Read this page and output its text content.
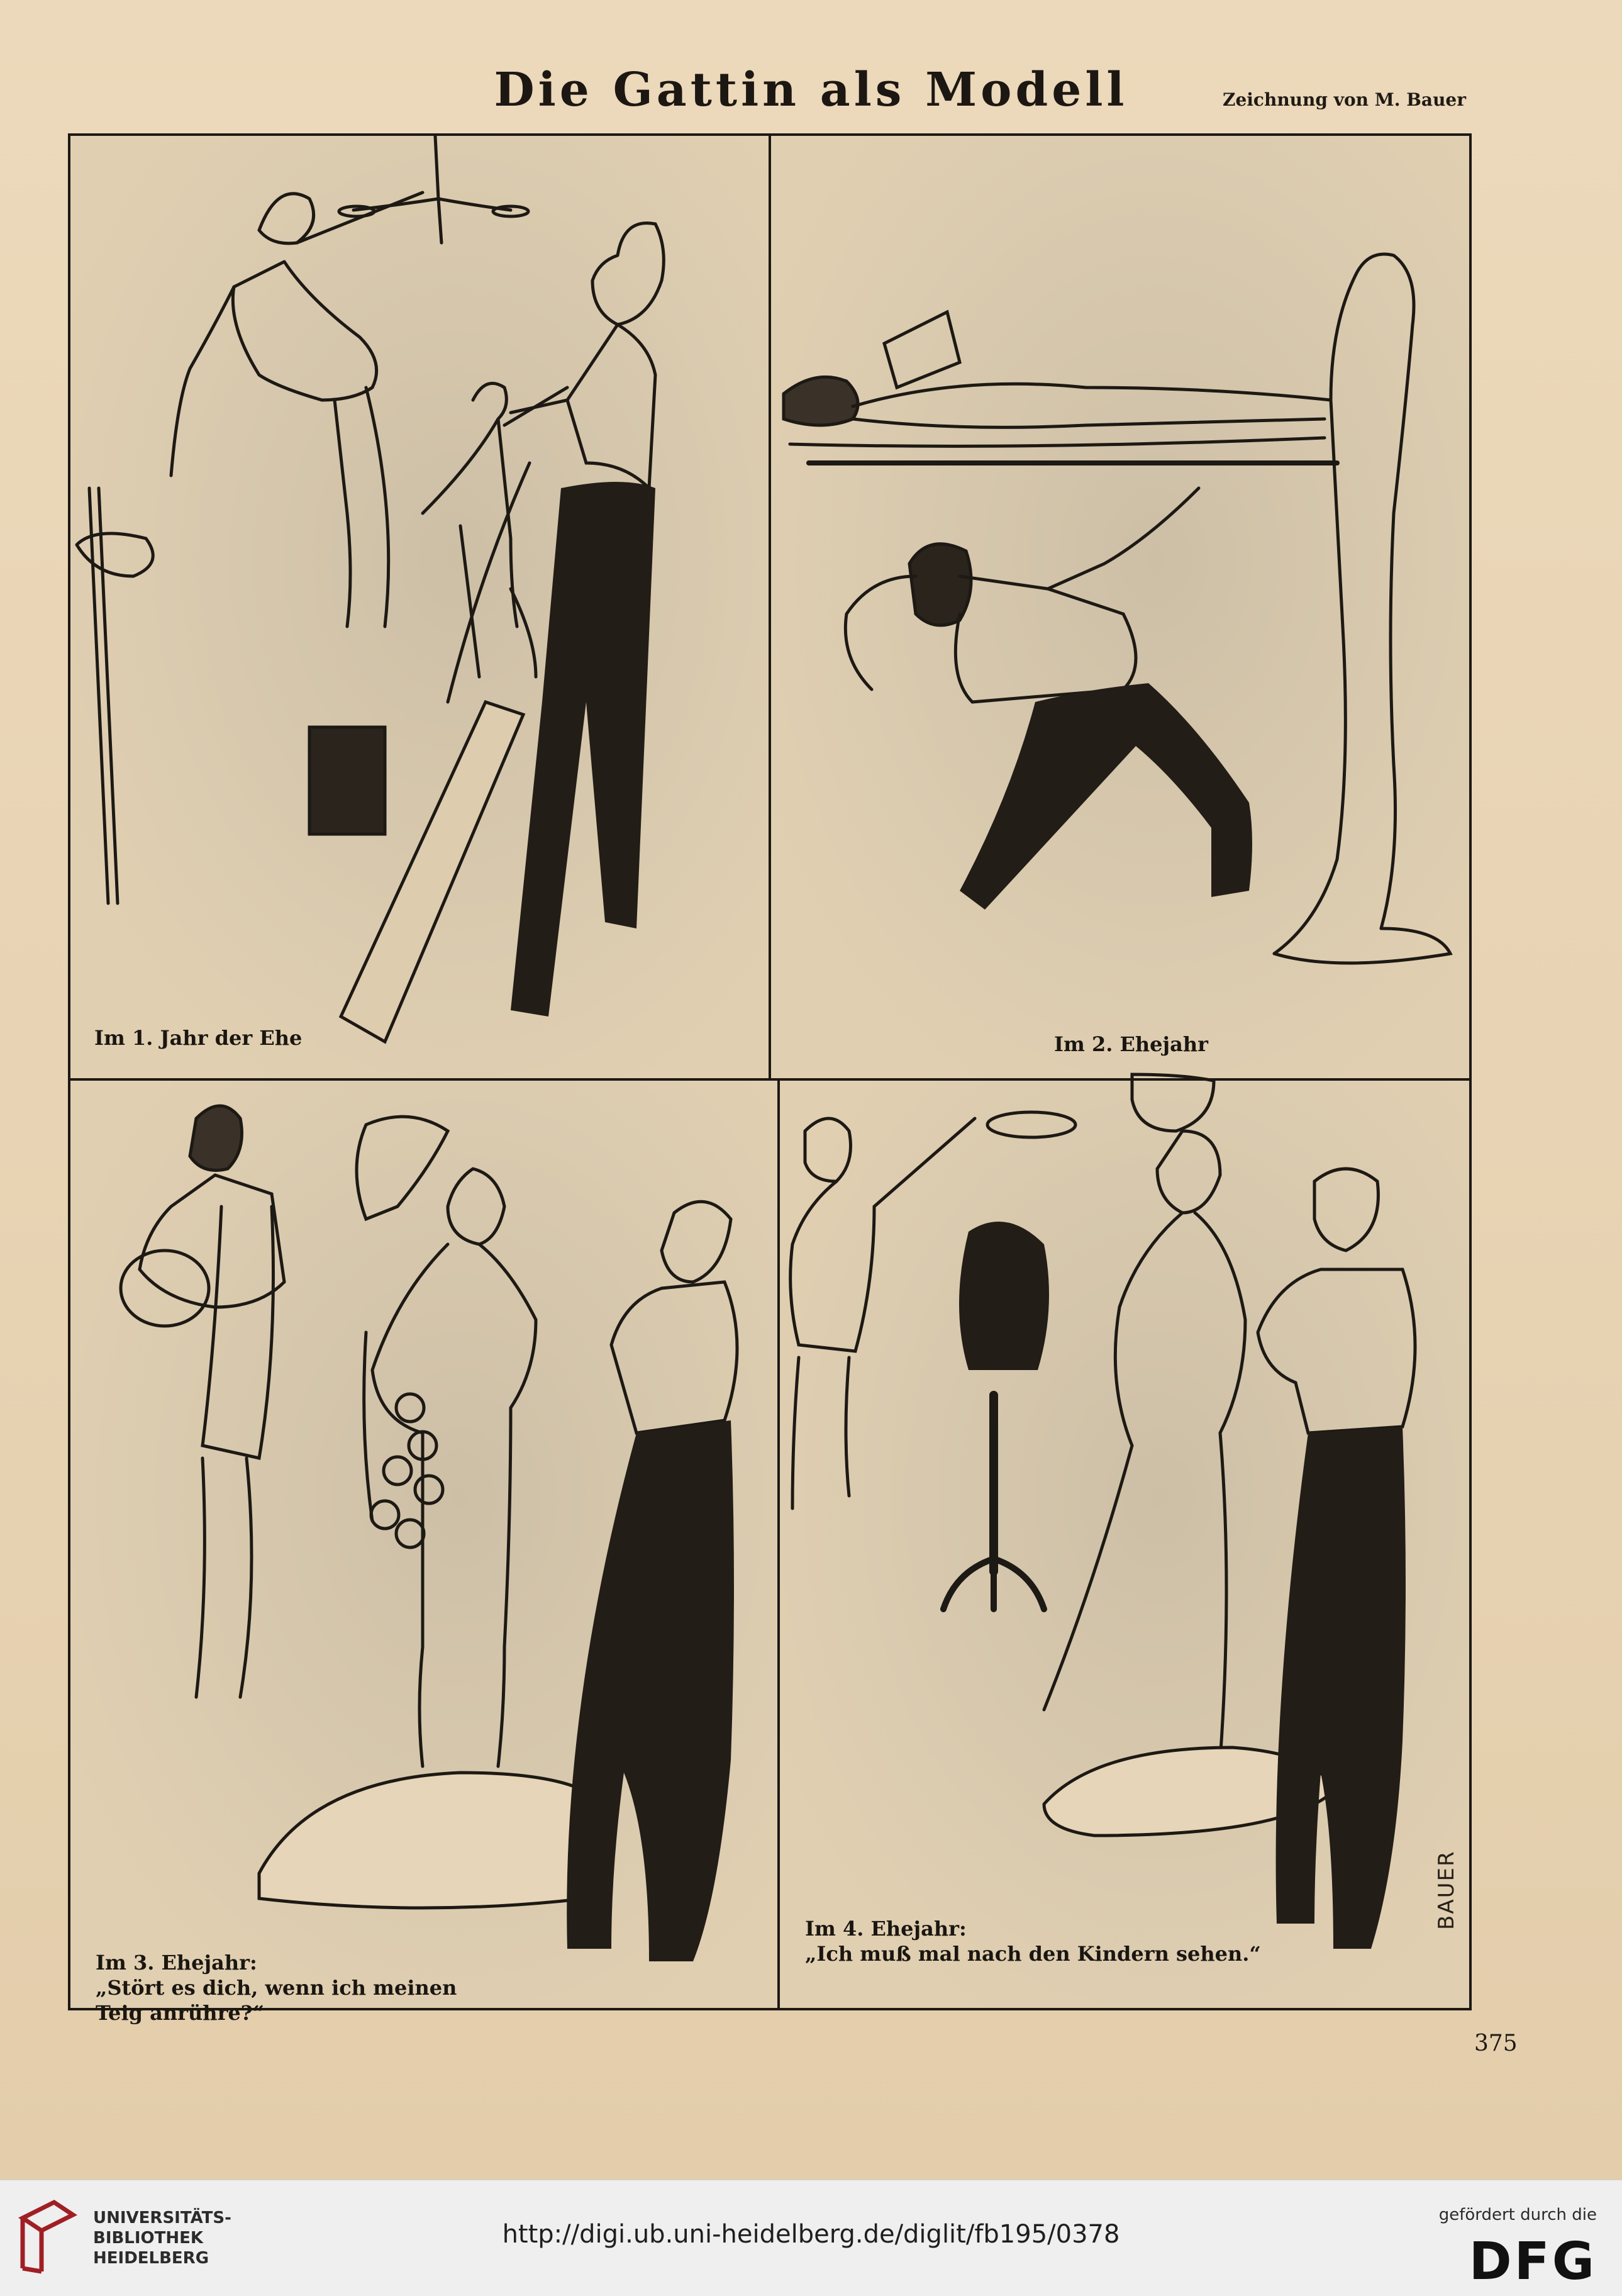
Die Gattin als Modell	Zeichnung von M. Bauer
Im 1. Jahr der Ehe	Im 2. Ehejahr
Im 3. Ehejahr:
„Stört es dich, wenn ich meinen
Teig anrühre?“
Im 4. Ehejahr:
„Ich muß mal nach den Kindern sehen.“
BAUER
375
UNIVERSITÄTS-
BIBLIOTHEK
HEIDELBERG
http://digi.ub.uni-heidelberg.de/diglit/fb195/0378
gefördert durch die
DFG
